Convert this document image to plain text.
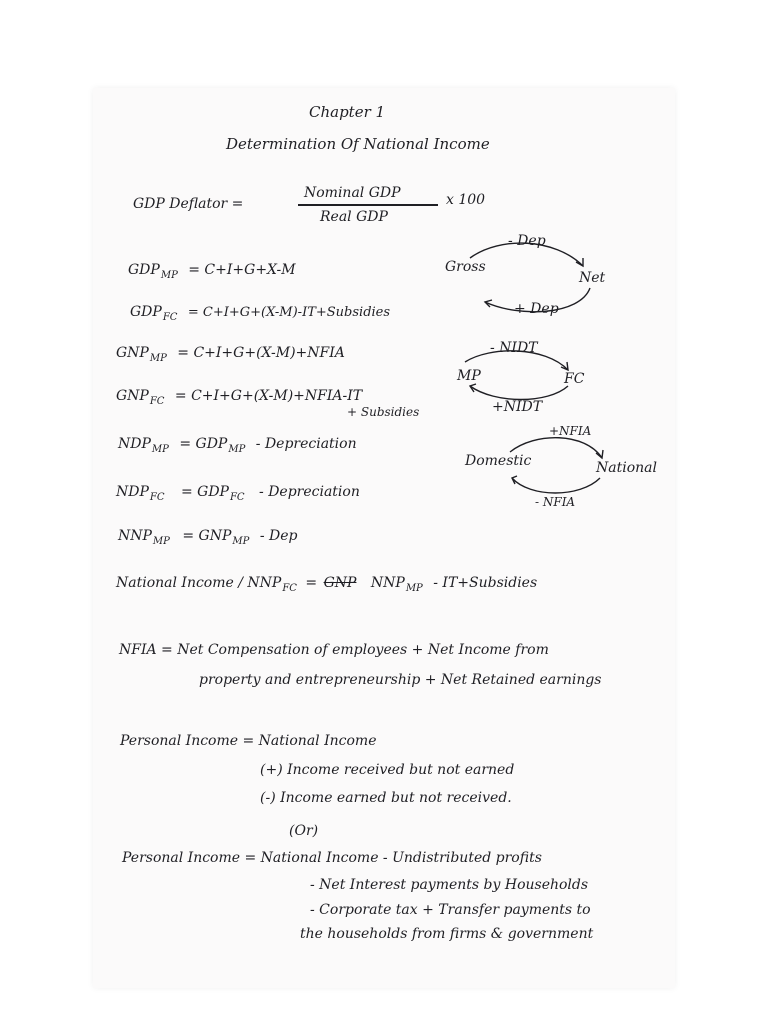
Chapter 1
Determination Of National Income
GDP Deflator =
Nominal GDP
Real GDP
x 100
$GDP_{MP} = C+I+G+X-M$
$GDP_{FC}$ = C+I+G+(X-M)-IT+Subsidies
- Dep
Gross
Net
+ Dep
$GNP_{MP}$ = C+I+G+(X-M)+NFIA	- NIDT
MP	FC
+NIDT
$GNP_{FC}$ = C+I+G+(X-M)+NFIA-IT
+ Subsidies
$NDP_{MP} = GDP_{MP}$ - Depreciation
+NFIA
Domestic	National
- NFIA
$NDP_{FC} = GDP_{FC}$ - Depreciation
$NNP_{MP} = GNP_{MP}$ - Dep
National Income / $NNP_{FC}$ = GNP $NNP_{MP}$ - IT+Subsidies
NFIA = Net Compensation of employees + Net Income from
property and entrepreneurship + Net Retained earnings
Personal Income = National Income
(+) Income received but not earned
(-) Income earned but not received.
(Or)
Personal Income = National Income - Undistributed profits
- Net Interest payments by Households
- Corporate tax + Transfer payments to
the households from firms & government
